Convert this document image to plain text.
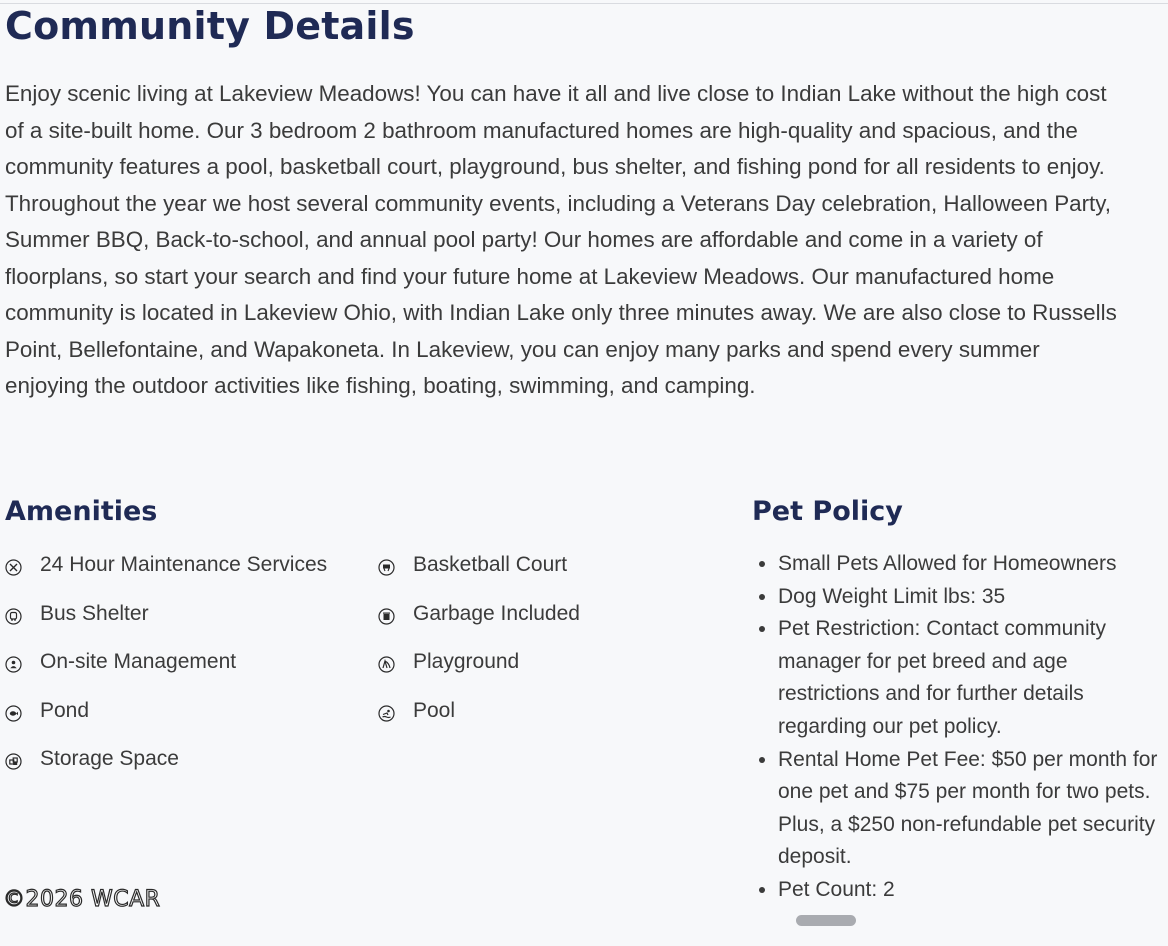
Community Details

Enjoy scenic living at Lakeview Meadows! You can have it all and live close to Indian Lake without the high cost of a site-built home. Our 3 bedroom 2 bathroom manufactured homes are high-quality and spacious, and the community features a pool, basketball court, playground, bus shelter, and fishing pond for all residents to enjoy. Throughout the year we host several community events, including a Veterans Day celebration, Halloween Party, Summer BBQ, Back-to-school, and annual pool party! Our homes are affordable and come in a variety of floorplans, so start your search and find your future home at Lakeview Meadows. Our manufactured home community is located in Lakeview Ohio, with Indian Lake only three minutes away. We are also close to Russells Point, Bellefontaine, and Wapakoneta. In Lakeview, you can enjoy many parks and spend every summer enjoying the outdoor activities like fishing, boating, swimming, and camping.

Amenities
24 Hour Maintenance Services	Basketball Court
Bus Shelter	Garbage Included
On-site Management	Playground
Pond	Pool
Storage Space
Pet Policy
• Small Pets Allowed for Homeowners
• Dog Weight Limit lbs: 35
• Pet Restriction: Contact community manager for pet breed and age restrictions and for further details regarding our pet policy.
• Rental Home Pet Fee: $50 per month for one pet and $75 per month for two pets. Plus, a $250 non-refundable pet security deposit.
• Pet Count: 2
©2026 WCAR
